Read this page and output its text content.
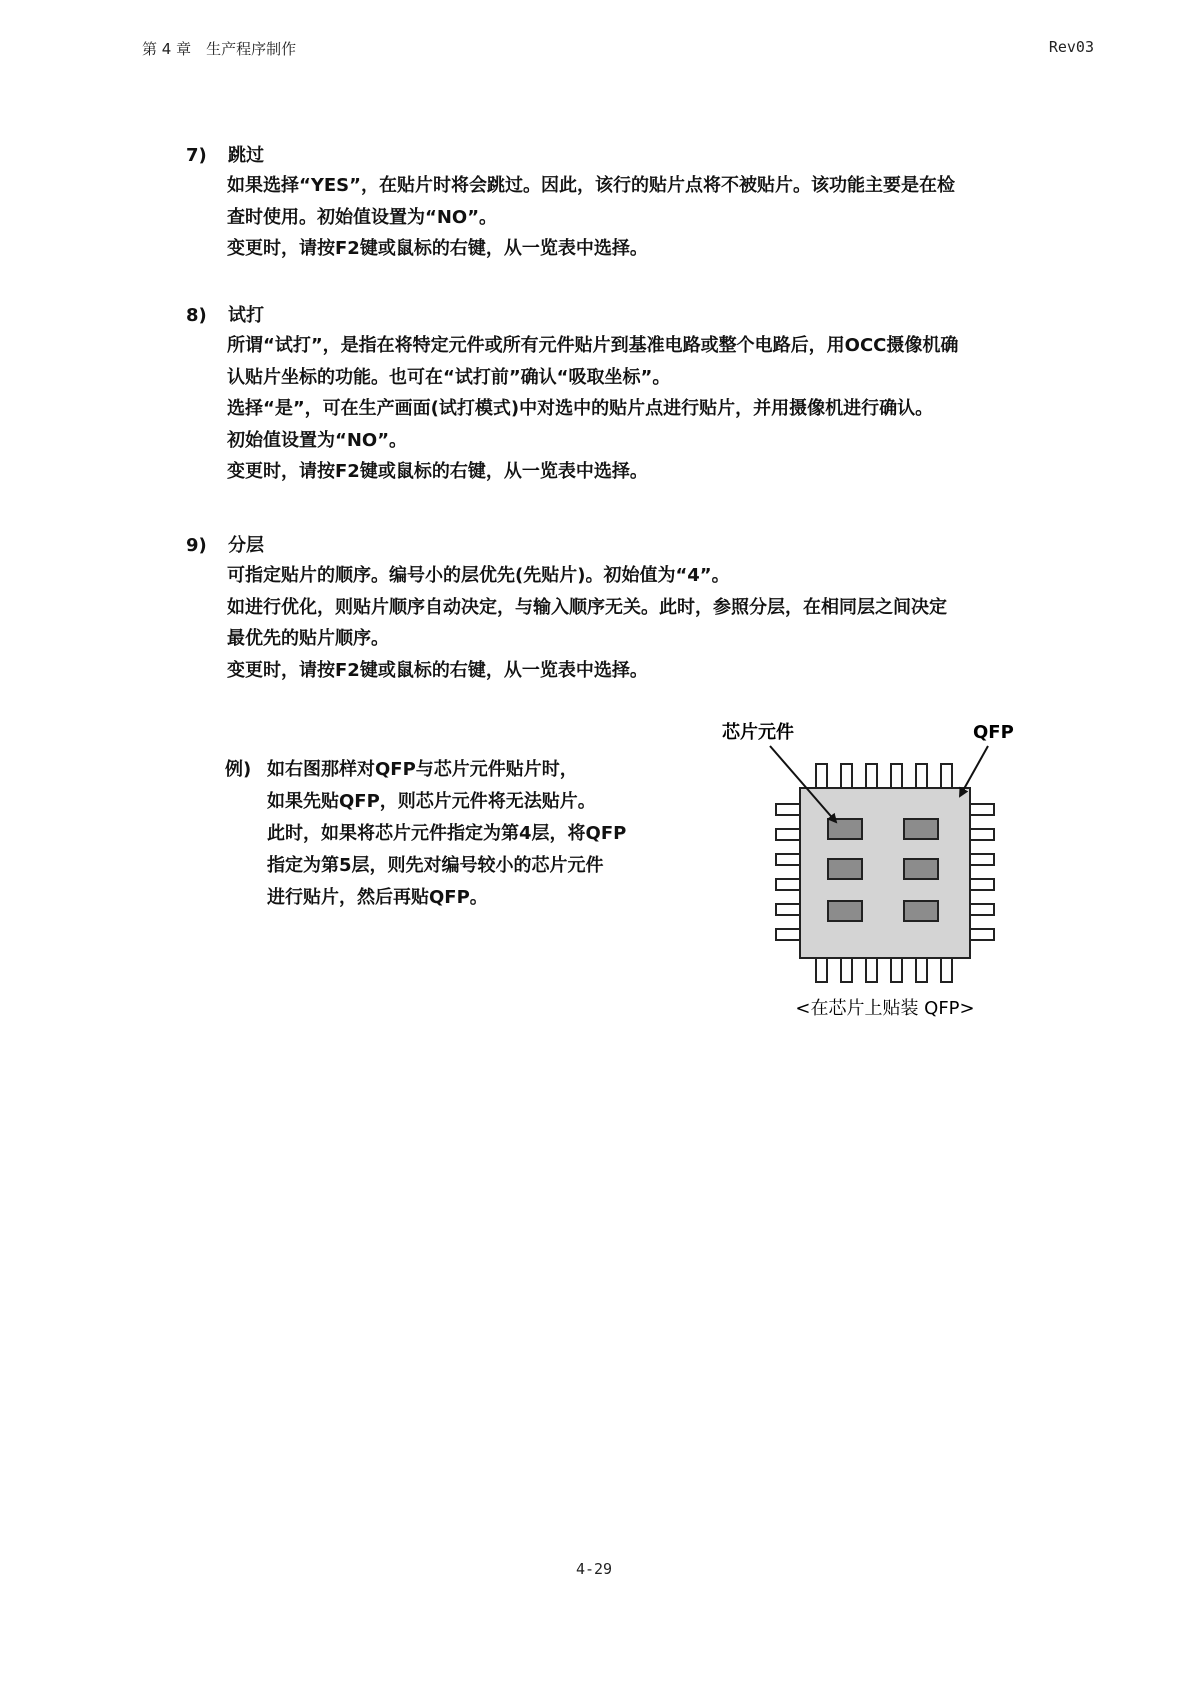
第 4 章　生产程序制作	Rev03
7) 跳过
如果选择“YES”，在贴片时将会跳过。因此，该行的贴片点将不被贴片。该功能主要是在检
查时使用。初始值设置为“NO”。
变更时，请按F2键或鼠标的右键，从一览表中选择。
8) 试打
所谓“试打”，是指在将特定元件或所有元件贴片到基准电路或整个电路后，用OCC摄像机确
认贴片坐标的功能。也可在“试打前”确认“吸取坐标”。
选择“是”，可在生产画面(试打模式)中对选中的贴片点进行贴片，并用摄像机进行确认。
初始值设置为“NO”。
变更时，请按F2键或鼠标的右键，从一览表中选择。
9) 分层
可指定贴片的顺序。编号小的层优先(先贴片)。初始值为“4”。
如进行优化，则贴片顺序自动决定，与输入顺序无关。此时，参照分层，在相同层之间决定
最优先的贴片顺序。
变更时，请按F2键或鼠标的右键，从一览表中选择。
例) 如右图那样对QFP与芯片元件贴片时，
如果先贴QFP，则芯片元件将无法贴片。
此时，如果将芯片元件指定为第4层，将QFP
指定为第5层，则先对编号较小的芯片元件
进行贴片，然后再贴QFP。
芯片元件	QFP
<在芯片上贴装 QFP>
4-29
